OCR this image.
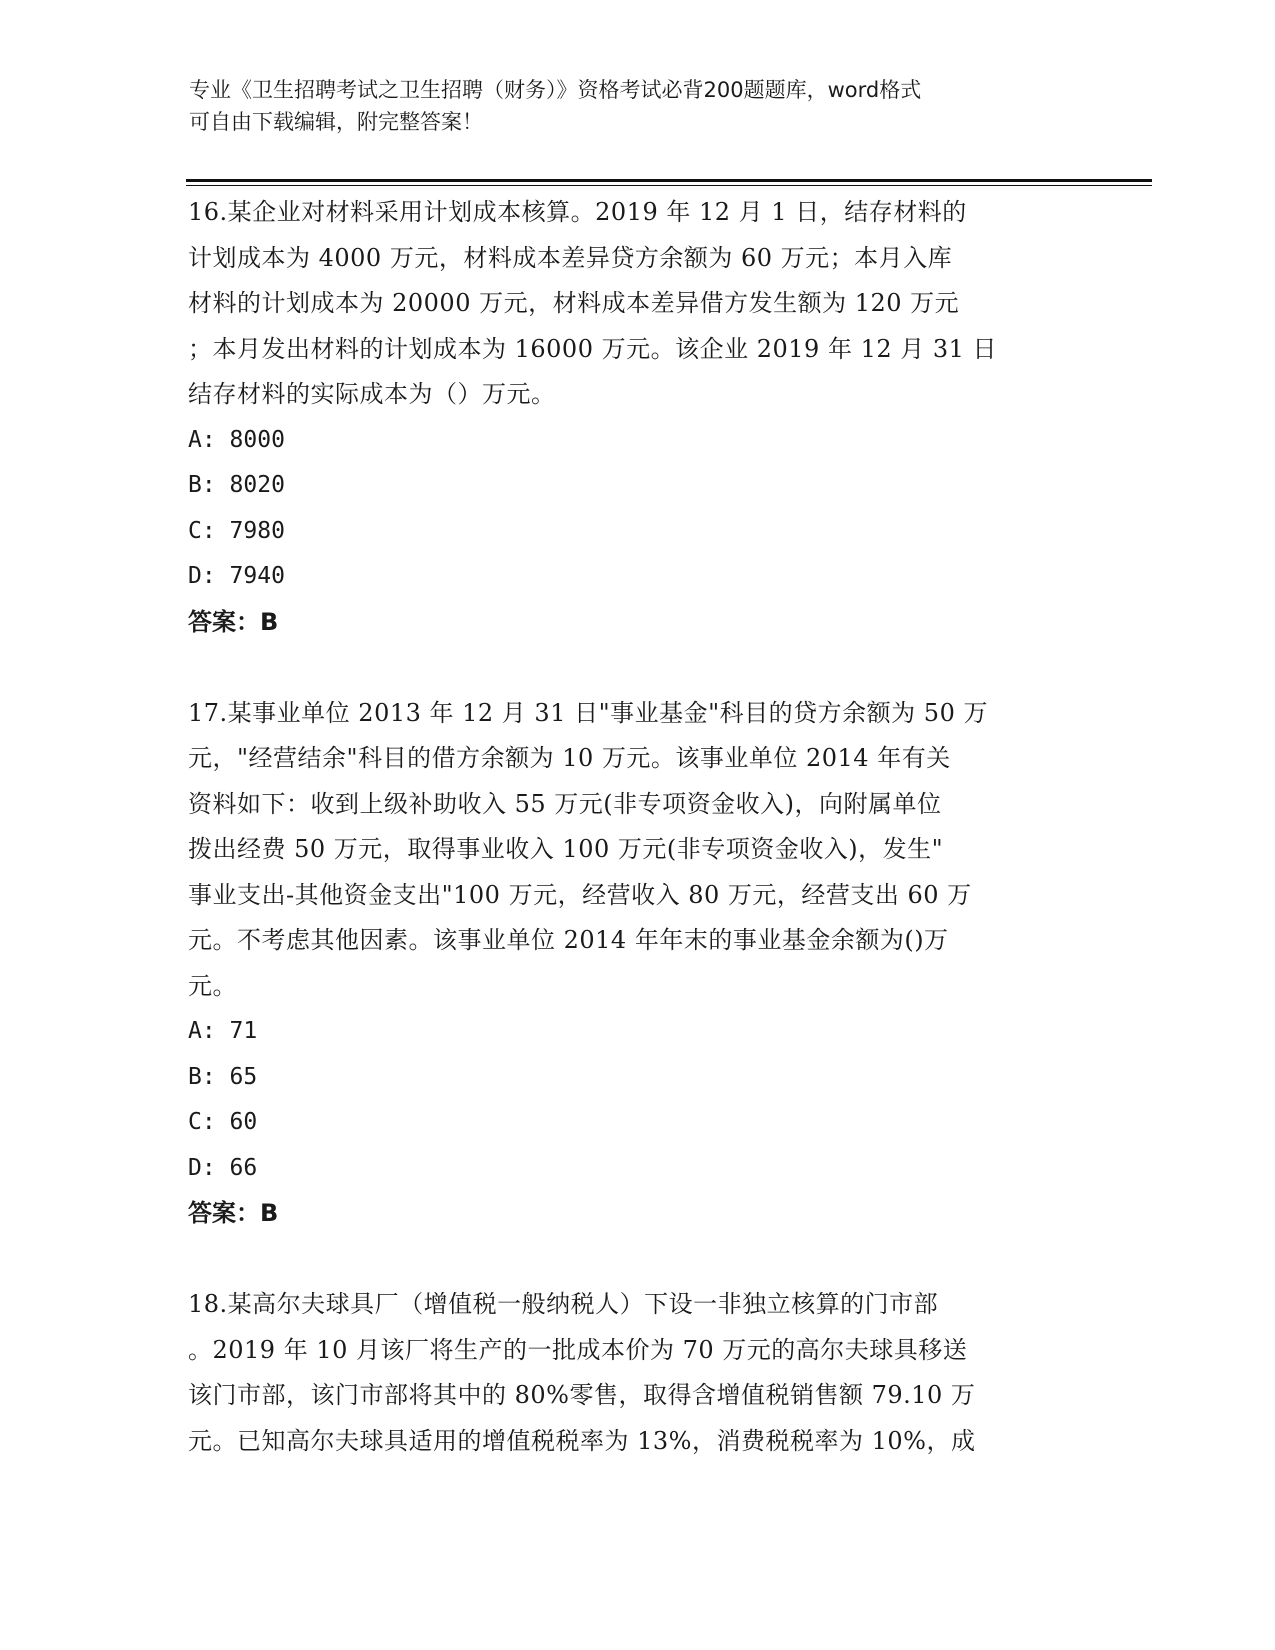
专业《卫生招聘考试之卫生招聘（财务）》资格考试必背200题题库，word格式
可自由下载编辑，附完整答案！
16.某企业对材料采用计划成本核算。2019 年 12 月 1 日，结存材料的
计划成本为 4000 万元，材料成本差异贷方余额为 60 万元；本月入库
材料的计划成本为 20000 万元，材料成本差异借方发生额为 120 万元
；本月发出材料的计划成本为 16000 万元。该企业 2019 年 12 月 31 日
结存材料的实际成本为（）万元。
A: 8000
B: 8020
C: 7980
D: 7940
答案：B
17.某事业单位 2013 年 12 月 31 日"事业基金"科目的贷方余额为 50 万
元，"经营结余"科目的借方余额为 10 万元。该事业单位 2014 年有关
资料如下：收到上级补助收入 55 万元(非专项资金收入)，向附属单位
拨出经费 50 万元，取得事业收入 100 万元(非专项资金收入)，发生"
事业支出-其他资金支出"100 万元，经营收入 80 万元，经营支出 60 万
元。不考虑其他因素。该事业单位 2014 年年末的事业基金余额为()万
元。
A: 71
B: 65
C: 60
D: 66
答案：B
18.某高尔夫球具厂（增值税一般纳税人）下设一非独立核算的门市部
。2019 年 10 月该厂将生产的一批成本价为 70 万元的高尔夫球具移送
该门市部，该门市部将其中的 80%零售，取得含增值税销售额 79.10 万
元。已知高尔夫球具适用的增值税税率为 13%，消费税税率为 10%，成
